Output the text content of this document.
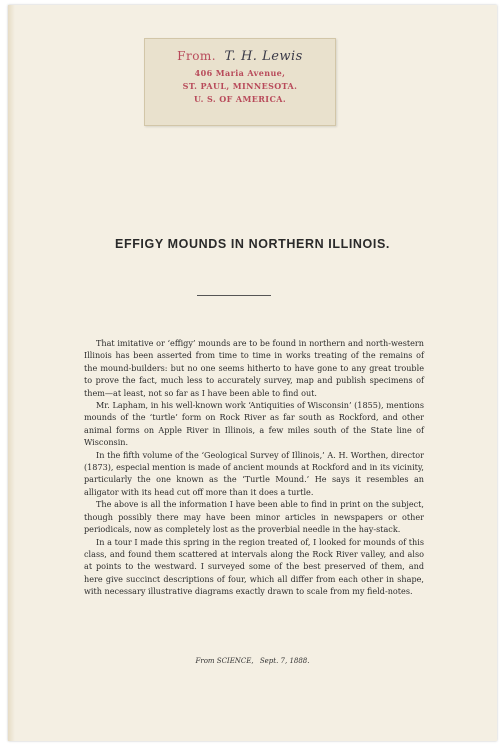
From. T. H. Lewis
406 Maria Avenue,
ST. PAUL, MINNESOTA.
U. S. OF AMERICA.
EFFIGY MOUNDS IN NORTHERN ILLINOIS.

That imitative or ‘effigy’ mounds are to be found in northern and north-western Illinois has been asserted from time to time in works treating of the remains of the mound-builders: but no one seems hitherto to have gone to any great trouble to prove the fact, much less to accurately survey, map and publish specimens of them—at least, not so far as I have been able to find out.

Mr. Lapham, in his well-known work ‘Antiquities of Wisconsin’ (1855), mentions mounds of the ‘turtle’ form on Rock River as far south as Rockford, and other animal forms on Apple River in Illinois, a few miles south of the State line of Wisconsin.

In the fifth volume of the ‘Geological Survey of Illinois,’ A. H. Worthen, director (1873), especial mention is made of ancient mounds at Rockford and in its vicinity, particularly the one known as the ‘Turtle Mound.’ He says it resembles an alligator with its head cut off more than it does a turtle.

The above is all the information I have been able to find in print on the subject, though possibly there may have been minor articles in newspapers or other periodicals, now as completely lost as the proverbial needle in the hay-stack.

In a tour I made this spring in the region treated of, I looked for mounds of this class, and found them scattered at intervals along the Rock River valley, and also at points to the westward. I surveyed some of the best preserved of them, and here give succinct descriptions of four, which all differ from each other in shape, with necessary illustrative diagrams exactly drawn to scale from my field-notes.

From SCIENCE, Sept. 7, 1888.
